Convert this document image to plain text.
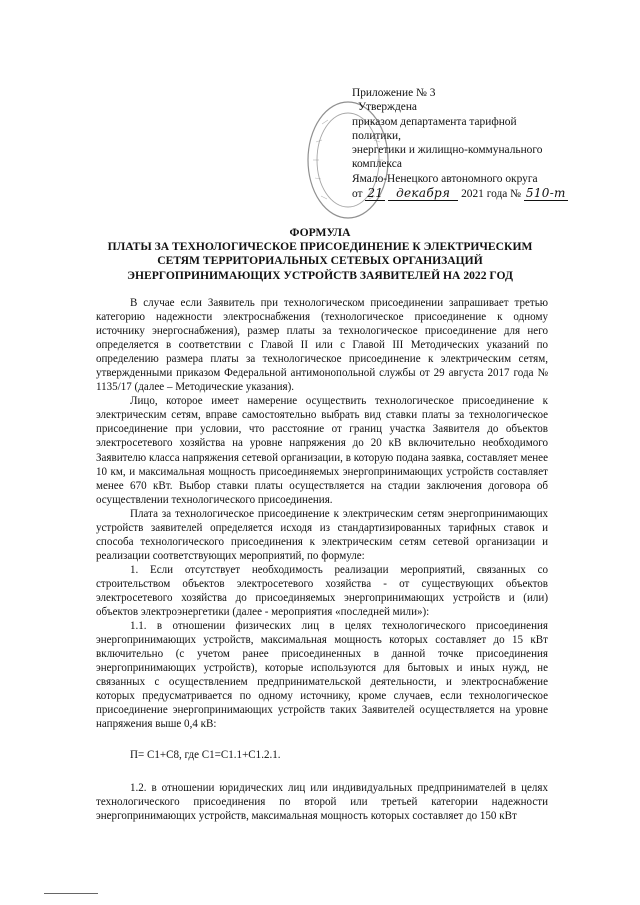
Приложение № 3
Утверждена
приказом департамента тарифной
политики,
энергетики и жилищно-коммунального
комплекса
Ямало-Ненецкого автономного округа
от 21 декабря 2021 года № 510-т
ФОРМУЛА
ПЛАТЫ ЗА ТЕХНОЛОГИЧЕСКОЕ ПРИСОЕДИНЕНИЕ К ЭЛЕКТРИЧЕСКИМ
СЕТЯМ ТЕРРИТОРИАЛЬНЫХ СЕТЕВЫХ ОРГАНИЗАЦИЙ
ЭНЕРГОПРИНИМАЮЩИХ УСТРОЙСТВ ЗАЯВИТЕЛЕЙ НА 2022 ГОД

В случае если Заявитель при технологическом присоединении запрашивает третью категорию надежности электроснабжения (технологическое присоединение к одному источнику энергоснабжения), размер платы за технологическое присоединение для него определяется в соответствии с Главой II или с Главой III Методических указаний по определению размера платы за технологическое присоединение к электрическим сетям, утвержденными приказом Федеральной антимонопольной службы от 29 августа 2017 года № 1135/17 (далее – Методические указания).

Лицо, которое имеет намерение осуществить технологическое присоединение к электрическим сетям, вправе самостоятельно выбрать вид ставки платы за технологическое присоединение при условии, что расстояние от границ участка Заявителя до объектов электросетевого хозяйства на уровне напряжения до 20 кВ включительно необходимого Заявителю класса напряжения сетевой организации, в которую подана заявка, составляет менее 10 км, и максимальная мощность присоединяемых энергопринимающих устройств составляет менее 670 кВт. Выбор ставки платы осуществляется на стадии заключения договора об осуществлении технологического присоединения.

Плата за технологическое присоединение к электрическим сетям энергопринимающих устройств заявителей определяется исходя из стандартизированных тарифных ставок и способа технологического присоединения к электрическим сетям сетевой организации и реализации соответствующих мероприятий, по формуле:

1. Если отсутствует необходимость реализации мероприятий, связанных со строительством объектов электросетевого хозяйства - от существующих объектов электросетевого хозяйства до присоединяемых энергопринимающих устройств и (или) объектов электроэнергетики (далее - мероприятия «последней мили»):

1.1. в отношении физических лиц в целях технологического присоединения энергопринимающих устройств, максимальная мощность которых составляет до 15 кВт включительно (с учетом ранее присоединенных в данной точке присоединения энергопринимающих устройств), которые используются для бытовых и иных нужд, не связанных с осуществлением предпринимательской деятельности, и электроснабжение которых предусматривается по одному источнику, кроме случаев, если технологическое присоединение энергопринимающих устройств таких Заявителей осуществляется на уровне напряжения выше 0,4 кВ:

П= С1+С8, где С1=С1.1+С1.2.1.

1.2. в отношении юридических лиц или индивидуальных предпринимателей в целях технологического присоединения по второй или третьей категории надежности энергопринимающих устройств, максимальная мощность которых составляет до 150 кВт
